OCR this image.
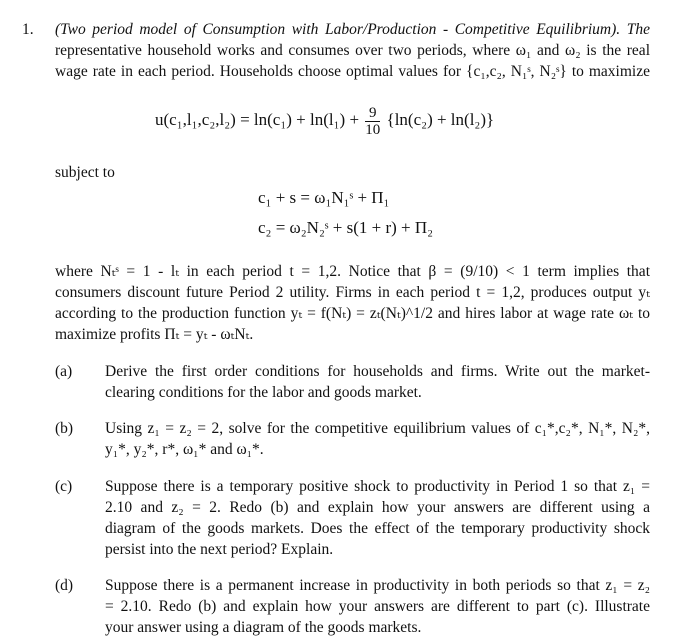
1. (Two period model of Consumption with Labor/Production - Competitive Equilibrium). The
representative household works and consumes over two periods, where ω₁ and ω₂ is the real
wage rate in each period. Households choose optimal values for {c₁,c₂, N₁ˢ, N₂ˢ} to maximize
$u(c_1,l_1,c_2,l_2) = \ln(c_1) + \ln(l_1) + \frac{9}{10} \{\ln(c_2) + \ln(l_2)\}$
subject to
c₁ + s = ω₁N₁ˢ + Π₁
c₂ = ω₂N₂ˢ + s(1 + r) + Π₂
where Nₜˢ = 1 - lₜ in each period t = 1,2. Notice that β = (9/10) < 1 term implies that
consumers discount future Period 2 utility. Firms in each period t = 1,2, produces output yₜ
according to the production function yₜ = f(Nₜ) = zₜ(Nₜ)^1/2 and hires labor at wage rate ωₜ to
maximize profits Πₜ = yₜ - ωₜNₜ.
(a) Derive the first order conditions for households and firms. Write out the market-
clearing conditions for the labor and goods market.
(b) Using z₁ = z₂ = 2, solve for the competitive equilibrium values of c₁*,c₂*, N₁*, N₂*,
y₁*, y₂*, r*, ω₁* and ω₁*.
(c) Suppose there is a temporary positive shock to productivity in Period 1 so that z₁ =
2.10 and z₂ = 2. Redo (b) and explain how your answers are different using a
diagram of the goods markets. Does the effect of the temporary productivity shock
persist into the next period? Explain.
(d) Suppose there is a permanent increase in productivity in both periods so that z₁ = z₂
= 2.10. Redo (b) and explain how your answers are different to part (c). Illustrate
your answer using a diagram of the goods markets.
